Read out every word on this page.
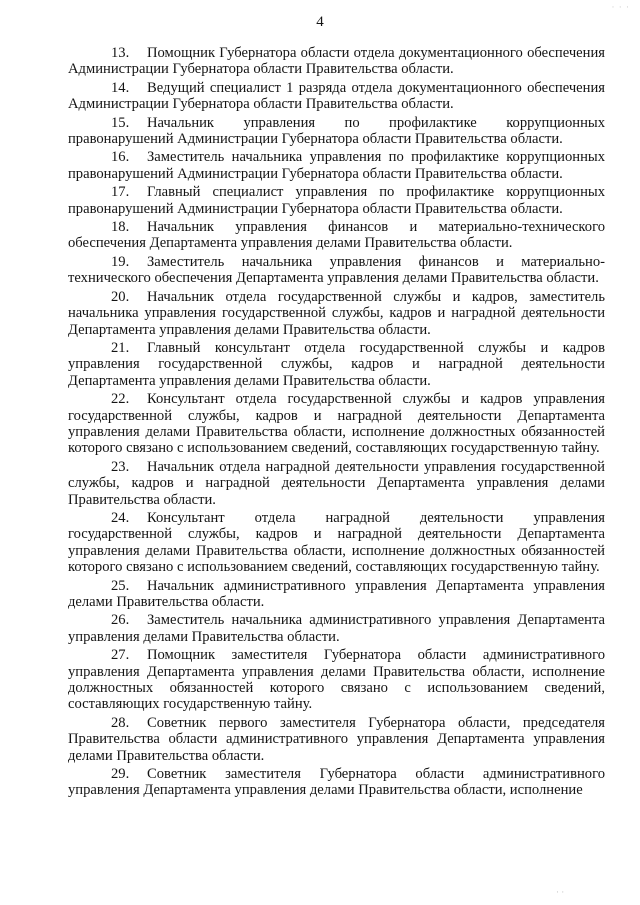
· · ·
4

13. Помощник Губернатора области отдела документационного обеспечения Администрации Губернатора области Правительства области.

14. Ведущий специалист 1 разряда отдела документационного обеспечения Администрации Губернатора области Правительства области.

15. Начальник управления по профилактике коррупционных правонарушений Администрации Губернатора области Правительства области.

16. Заместитель начальника управления по профилактике коррупционных правонарушений Администрации Губернатора области Правительства области.

17. Главный специалист управления по профилактике коррупционных правонарушений Администрации Губернатора области Правительства области.

18. Начальник управления финансов и материально-технического обеспечения Департамента управления делами Правительства области.

19. Заместитель начальника управления финансов и материально-технического обеспечения Департамента управления делами Правительства области.

20. Начальник отдела государственной службы и кадров, заместитель начальника управления государственной службы, кадров и наградной деятельности Департамента управления делами Правительства области.

21. Главный консультант отдела государственной службы и кадров управления государственной службы, кадров и наградной деятельности Департамента управления делами Правительства области.

22. Консультант отдела государственной службы и кадров управления государственной службы, кадров и наградной деятельности Департамента управления делами Правительства области, исполнение должностных обязанностей которого связано с использованием сведений, составляющих государственную тайну.

23. Начальник отдела наградной деятельности управления государственной службы, кадров и наградной деятельности Департамента управления делами Правительства области.

24. Консультант отдела наградной деятельности управления государственной службы, кадров и наградной деятельности Департамента управления делами Правительства области, исполнение должностных обязанностей которого связано с использованием сведений, составляющих государственную тайну.

25. Начальник административного управления Департамента управления делами Правительства области.

26. Заместитель начальника административного управления Департамента управления делами Правительства области.

27. Помощник заместителя Губернатора области административного управления Департамента управления делами Правительства области, исполнение должностных обязанностей которого связано с использованием сведений, составляющих государственную тайну.

28. Советник первого заместителя Губернатора области, председателя Правительства области административного управления Департамента управления делами Правительства области.

29. Советник заместителя Губернатора области административного управления Департамента управления делами Правительства области, исполнение

· ·
